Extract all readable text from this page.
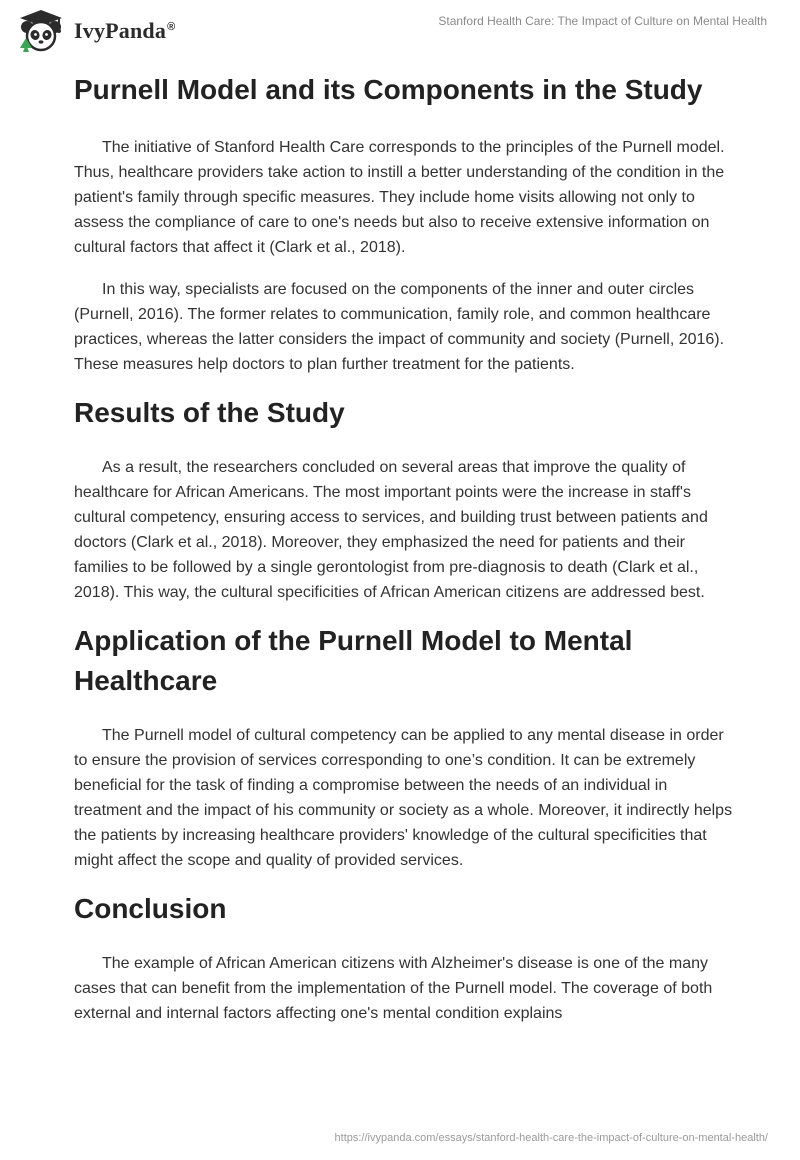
IvyPanda®	Stanford Health Care: The Impact of Culture on Mental Health
Purnell Model and its Components in the Study

The initiative of Stanford Health Care corresponds to the principles of the Purnell model. Thus, healthcare providers take action to instill a better understanding of the condition in the patient's family through specific measures. They include home visits allowing not only to assess the compliance of care to one's needs but also to receive extensive information on cultural factors that affect it (Clark et al., 2018).

In this way, specialists are focused on the components of the inner and outer circles (Purnell, 2016). The former relates to communication, family role, and common healthcare practices, whereas the latter considers the impact of community and society (Purnell, 2016). These measures help doctors to plan further treatment for the patients.

Results of the Study

As a result, the researchers concluded on several areas that improve the quality of healthcare for African Americans. The most important points were the increase in staff's cultural competency, ensuring access to services, and building trust between patients and doctors (Clark et al., 2018). Moreover, they emphasized the need for patients and their families to be followed by a single gerontologist from pre-diagnosis to death (Clark et al., 2018). This way, the cultural specificities of African American citizens are addressed best.

Application of the Purnell Model to Mental Healthcare

The Purnell model of cultural competency can be applied to any mental disease in order to ensure the provision of services corresponding to one’s condition. It can be extremely beneficial for the task of finding a compromise between the needs of an individual in treatment and the impact of his community or society as a whole. Moreover, it indirectly helps the patients by increasing healthcare providers' knowledge of the cultural specificities that might affect the scope and quality of provided services.

Conclusion

The example of African American citizens with Alzheimer's disease is one of the many cases that can benefit from the implementation of the Purnell model. The coverage of both external and internal factors affecting one's mental condition explains

https://ivypanda.com/essays/stanford-health-care-the-impact-of-culture-on-mental-health/
